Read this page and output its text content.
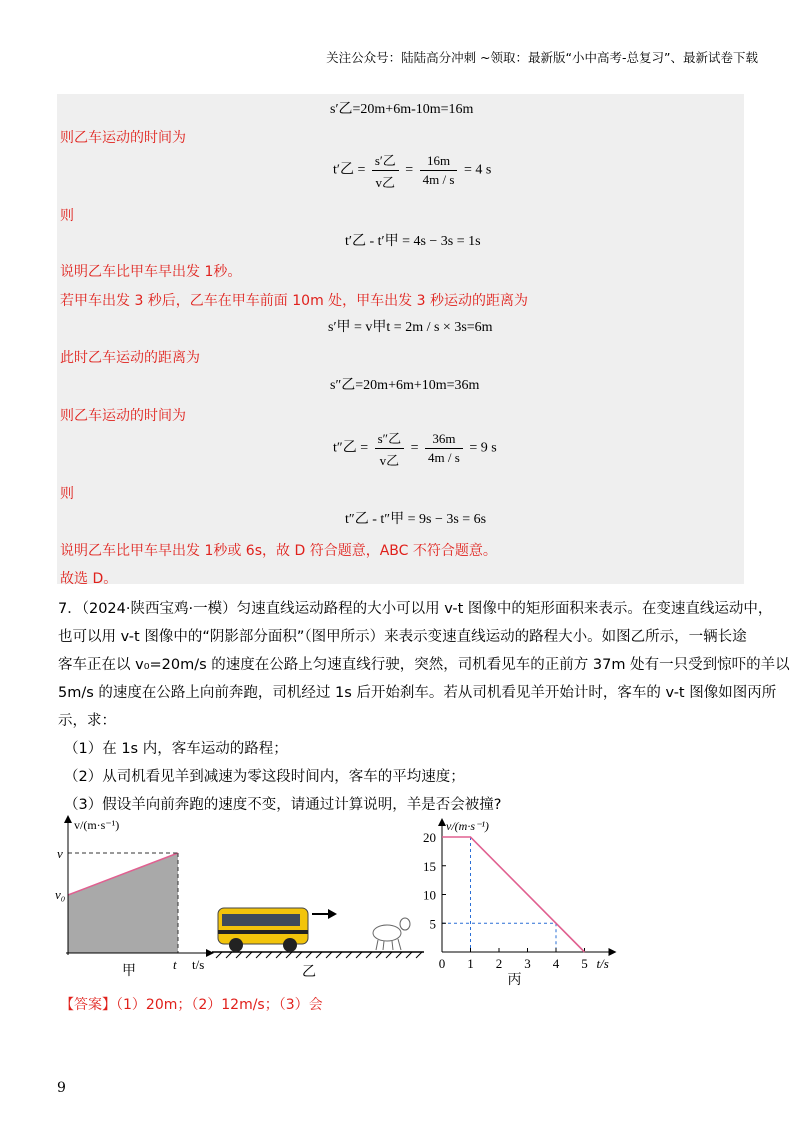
关注公众号：陆陆高分冲刺 ~领取：最新版“小中高考-总复习”、最新试卷下载
s′乙=20m+6m-10m=16m
则乙车运动的时间为
t′乙 = $\frac{\text{s′乙}}{\text{v乙}} = \frac{16m}{4m / s} = 4$ s
则
t′乙 - t′甲 = 4s − 3s = 1s
说明乙车比甲车早出发 1秒。
若甲车出发 3 秒后，乙车在甲车前面 10m 处，甲车出发 3 秒运动的距离为
s′甲 = v甲t = 2m / s × 3s=6m
此时乙车运动的距离为
s″乙=20m+6m+10m=36m
则乙车运动的时间为
t″乙 = $\frac{\text{s″乙}}{\text{v乙}} = \frac{36m}{4m / s} = 9$ s
则
t″乙 - t″甲 = 9s − 3s = 6s
说明乙车比甲车早出发 1秒或 6s，故 D 符合题意，ABC 不符合题意。
故选 D。
7．（2024·陕西宝鸡·一模）匀速直线运动路程的大小可以用 v-t 图像中的矩形面积来表示。在变速直线运动中，
也可以用 v-t 图像中的“阴影部分面积”（图甲所示）来表示变速直线运动的路程大小。如图乙所示，一辆长途
客车正在以 v₀=20m/s 的速度在公路上匀速直线行驶，突然，司机看见车的正前方 37m 处有一只受到惊吓的羊以
5m/s 的速度在公路上向前奔跑，司机经过 1s 后开始刹车。若从司机看见羊开始计时，客车的 v-t 图像如图丙所
示，求：
（1）在 1s 内，客车运动的路程；
（2）从司机看见羊到减速为零这段时间内，客车的平均速度；
（3）假设羊向前奔跑的速度不变，请通过计算说明，羊是否会被撞?
v/(m·s⁻¹)
v
v₀
t t/s
甲	乙
5
10
15
20
0 1 2 3 4 5
v/(m·s⁻¹)
t/s
丙
【答案】（1）20m；（2）12m/s；（3）会
9
